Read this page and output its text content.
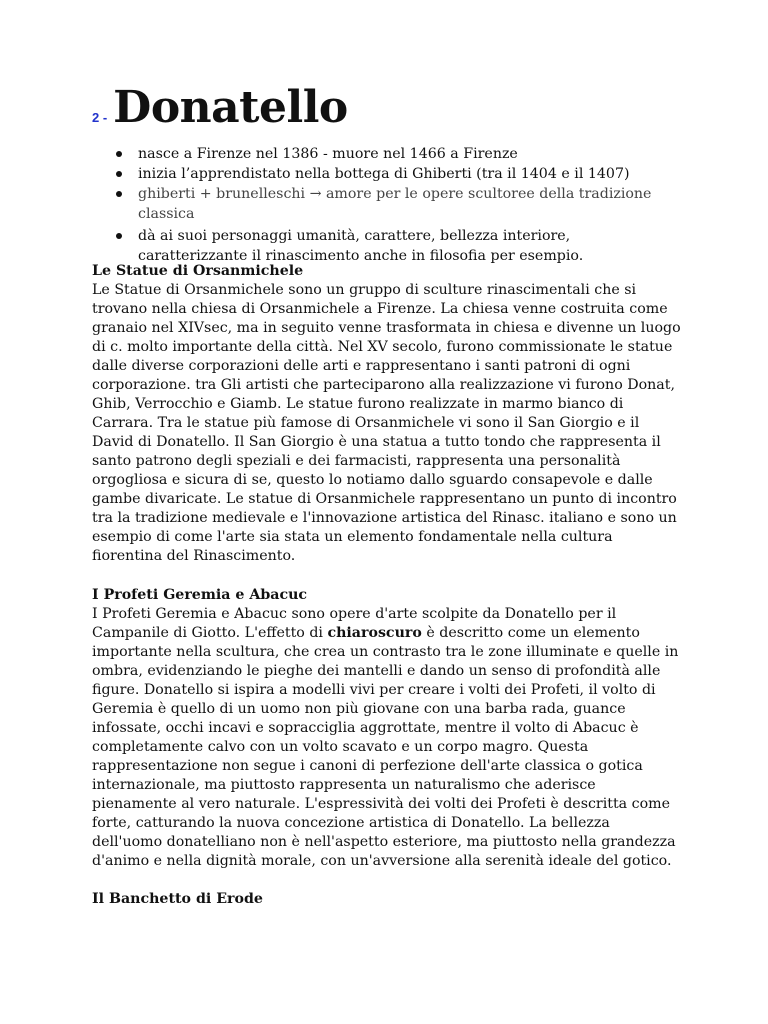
2 - Donatello
nasce a Firenze nel 1386 - muore nel 1466 a Firenze
inizia l’apprendistato nella bottega di Ghiberti (tra il 1404 e il 1407)
ghiberti + brunelleschi → amore per le opere scultoree della tradizione classica
dà ai suoi personaggi umanità, carattere, bellezza interiore, caratterizzante il rinascimento anche in filosofia per esempio.
Le Statue di Orsanmichele

Le Statue di Orsanmichele sono un gruppo di sculture rinascimentali che si trovano nella chiesa di Orsanmichele a Firenze. La chiesa venne costruita come granaio nel XIVsec, ma in seguito venne trasformata in chiesa e divenne un luogo di c. molto importante della città. Nel XV secolo, furono commissionate le statue dalle diverse corporazioni delle arti e rappresentano i santi patroni di ogni corporazione. tra Gli artisti che parteciparono alla realizzazione vi furono Donat, Ghib, Verrocchio e Giamb. Le statue furono realizzate in marmo bianco di Carrara. Tra le statue più famose di Orsanmichele vi sono il San Giorgio e il David di Donatello. Il San Giorgio è una statua a tutto tondo che rappresenta il santo patrono degli speziali e dei farmacisti, rappresenta una personalità orgogliosa e sicura di se, questo lo notiamo dallo sguardo consapevole e dalle gambe divaricate. Le statue di Orsanmichele rappresentano un punto di incontro tra la tradizione medievale e l'innovazione artistica del Rinasc. italiano e sono un esempio di come l'arte sia stata un elemento fondamentale nella cultura fiorentina del Rinascimento.

I Profeti Geremia e Abacuc

I Profeti Geremia e Abacuc sono opere d'arte scolpite da Donatello per il Campanile di Giotto. L'effetto di chiaroscuro è descritto come un elemento importante nella scultura, che crea un contrasto tra le zone illuminate e quelle in ombra, evidenziando le pieghe dei mantelli e dando un senso di profondità alle figure. Donatello si ispira a modelli vivi per creare i volti dei Profeti, il volto di Geremia è quello di un uomo non più giovane con una barba rada, guance infossate, occhi incavi e sopracciglia aggrottate, mentre il volto di Abacuc è completamente calvo con un volto scavato e un corpo magro. Questa rappresentazione non segue i canoni di perfezione dell'arte classica o gotica internazionale, ma piuttosto rappresenta un naturalismo che aderisce pienamente al vero naturale. L'espressività dei volti dei Profeti è descritta come forte, catturando la nuova concezione artistica di Donatello. La bellezza dell'uomo donatelliano non è nell'aspetto esteriore, ma piuttosto nella grandezza d'animo e nella dignità morale, con un'avversione alla serenità ideale del gotico.

Il Banchetto di Erode
